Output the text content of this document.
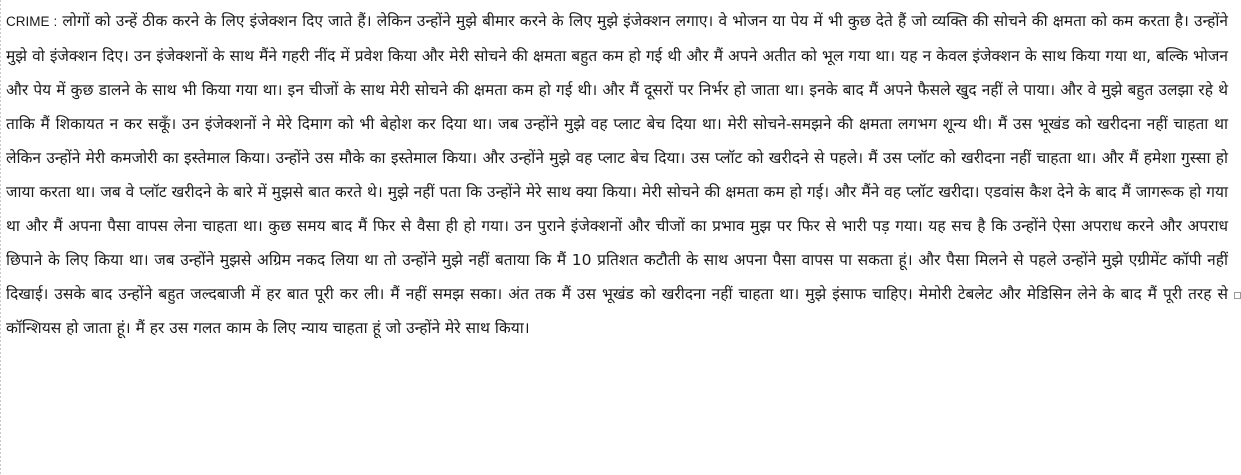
CRIME : लोगों को उन्हें ठीक करने के लिए इंजेक्शन दिए जाते हैं। लेकिन उन्होंने मुझे बीमार करने के लिए मुझे इंजेक्शन लगाए। वे भोजन या पेय में भी कुछ देते हैं जो व्यक्ति की सोचने की क्षमता को कम करता है। उन्होंने मुझे वो इंजेक्शन दिए। उन इंजेक्शनों के साथ मैंने गहरी नींद में प्रवेश किया और मेरी सोचने की क्षमता बहुत कम हो गई थी और मैं अपने अतीत को भूल गया था। यह न केवल इंजेक्शन के साथ किया गया था, बल्कि भोजन और पेय में कुछ डालने के साथ भी किया गया था। इन चीजों के साथ मेरी सोचने की क्षमता कम हो गई थी। और मैं दूसरों पर निर्भर हो जाता था। इनके बाद मैं अपने फैसले खुद नहीं ले पाया। और वे मुझे बहुत उलझा रहे थे ताकि मैं शिकायत न कर सकूँ। उन इंजेक्शनों ने मेरे दिमाग को भी बेहोश कर दिया था। जब उन्होंने मुझे वह प्लाट बेच दिया था। मेरी सोचने-समझने की क्षमता लगभग शून्य थी। मैं उस भूखंड को खरीदना नहीं चाहता था लेकिन उन्होंने मेरी कमजोरी का इस्तेमाल किया। उन्होंने उस मौके का इस्तेमाल किया। और उन्होंने मुझे वह प्लाट बेच दिया। उस प्लॉट को खरीदने से पहले। मैं उस प्लॉट को खरीदना नहीं चाहता था। और मैं हमेशा गुस्सा हो जाया करता था। जब वे प्लॉट खरीदने के बारे में मुझसे बात करते थे। मुझे नहीं पता कि उन्होंने मेरे साथ क्या किया। मेरी सोचने की क्षमता कम हो गई। और मैंने वह प्लॉट खरीदा। एडवांस कैश देने के बाद मैं जागरूक हो गया था और मैं अपना पैसा वापस लेना चाहता था। कुछ समय बाद मैं फिर से वैसा ही हो गया। उन पुराने इंजेक्शनों और चीजों का प्रभाव मुझ पर फिर से भारी पड़ गया। यह सच है कि उन्होंने ऐसा अपराध करने और अपराध छिपाने के लिए किया था। जब उन्होंने मुझसे अग्रिम नकद लिया था तो उन्होंने मुझे नहीं बताया कि मैं 10 प्रतिशत कटौती के साथ अपना पैसा वापस पा सकता हूं। और पैसा मिलने से पहले उन्होंने मुझे एग्रीमेंट कॉपी नहीं दिखाई। उसके बाद उन्होंने बहुत जल्दबाजी में हर बात पूरी कर ली। मैं नहीं समझ सका। अंत तक मैं उस भूखंड को खरीदना नहीं चाहता था। मुझे इंसाफ चाहिए। मेमोरी टेबलेट और मेडिसिन लेने के बाद मैं पूरी तरह से कॉन्शियस हो जाता हूं। मैं हर उस गलत काम के लिए न्याय चाहता हूं जो उन्होंने मेरे साथ किया।
